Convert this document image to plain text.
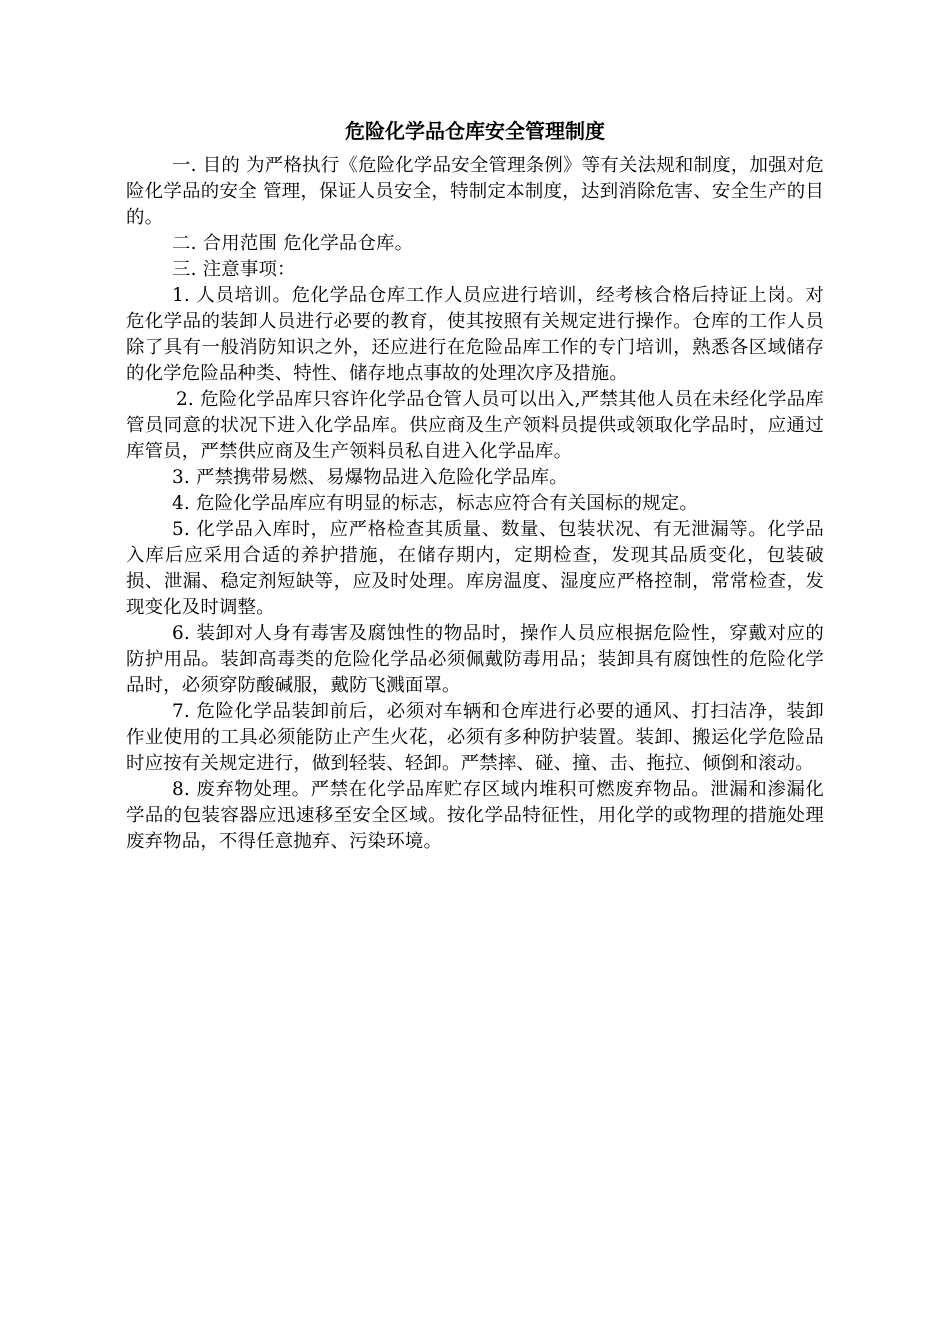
危险化学品仓库安全管理制度

一. 目的 为严格执行《危险化学品安全管理条例》等有关法规和制度，加强对危险化学品的安全 管理，保证人员安全，特制定本制度，达到消除危害、安全生产的目的。

二. 合用范围 危化学品仓库。

三. 注意事项：

1. 人员培训。危化学品仓库工作人员应进行培训，经考核合格后持证上岗。对危化学品的装卸人员进行必要的教育，使其按照有关规定进行操作。仓库的工作人员除了具有一般消防知识之外，还应进行在危险品库工作的专门培训，熟悉各区域储存的化学危险品种类、特性、储存地点事故的处理次序及措施。

2. 危险化学品库只容许化学品仓管人员可以出入,严禁其他人员在未经化学品库管员同意的状况下进入化学品库。供应商及生产领料员提供或领取化学品时，应通过库管员，严禁供应商及生产领料员私自进入化学品库。

3. 严禁携带易燃、易爆物品进入危险化学品库。

4. 危险化学品库应有明显的标志，标志应符合有关国标的规定。

5. 化学品入库时，应严格检查其质量、数量、包装状况、有无泄漏等。化学品入库后应采用合适的养护措施，在储存期内，定期检查，发现其品质变化，包装破损、泄漏、稳定剂短缺等，应及时处理。库房温度、湿度应严格控制，常常检查，发现变化及时调整。

6. 装卸对人身有毒害及腐蚀性的物品时，操作人员应根据危险性，穿戴对应的防护用品。装卸高毒类的危险化学品必须佩戴防毒用品；装卸具有腐蚀性的危险化学品时，必须穿防酸碱服，戴防飞溅面罩。

7. 危险化学品装卸前后，必须对车辆和仓库进行必要的通风、打扫洁净，装卸作业使用的工具必须能防止产生火花，必须有多种防护装置。装卸、搬运化学危险品时应按有关规定进行，做到轻装、轻卸。严禁摔、碰、撞、击、拖拉、倾倒和滚动。

8. 废弃物处理。严禁在化学品库贮存区域内堆积可燃废弃物品。泄漏和渗漏化学品的包装容器应迅速移至安全区域。按化学品特征性，用化学的或物理的措施处理废弃物品，不得任意抛弃、污染环境。
